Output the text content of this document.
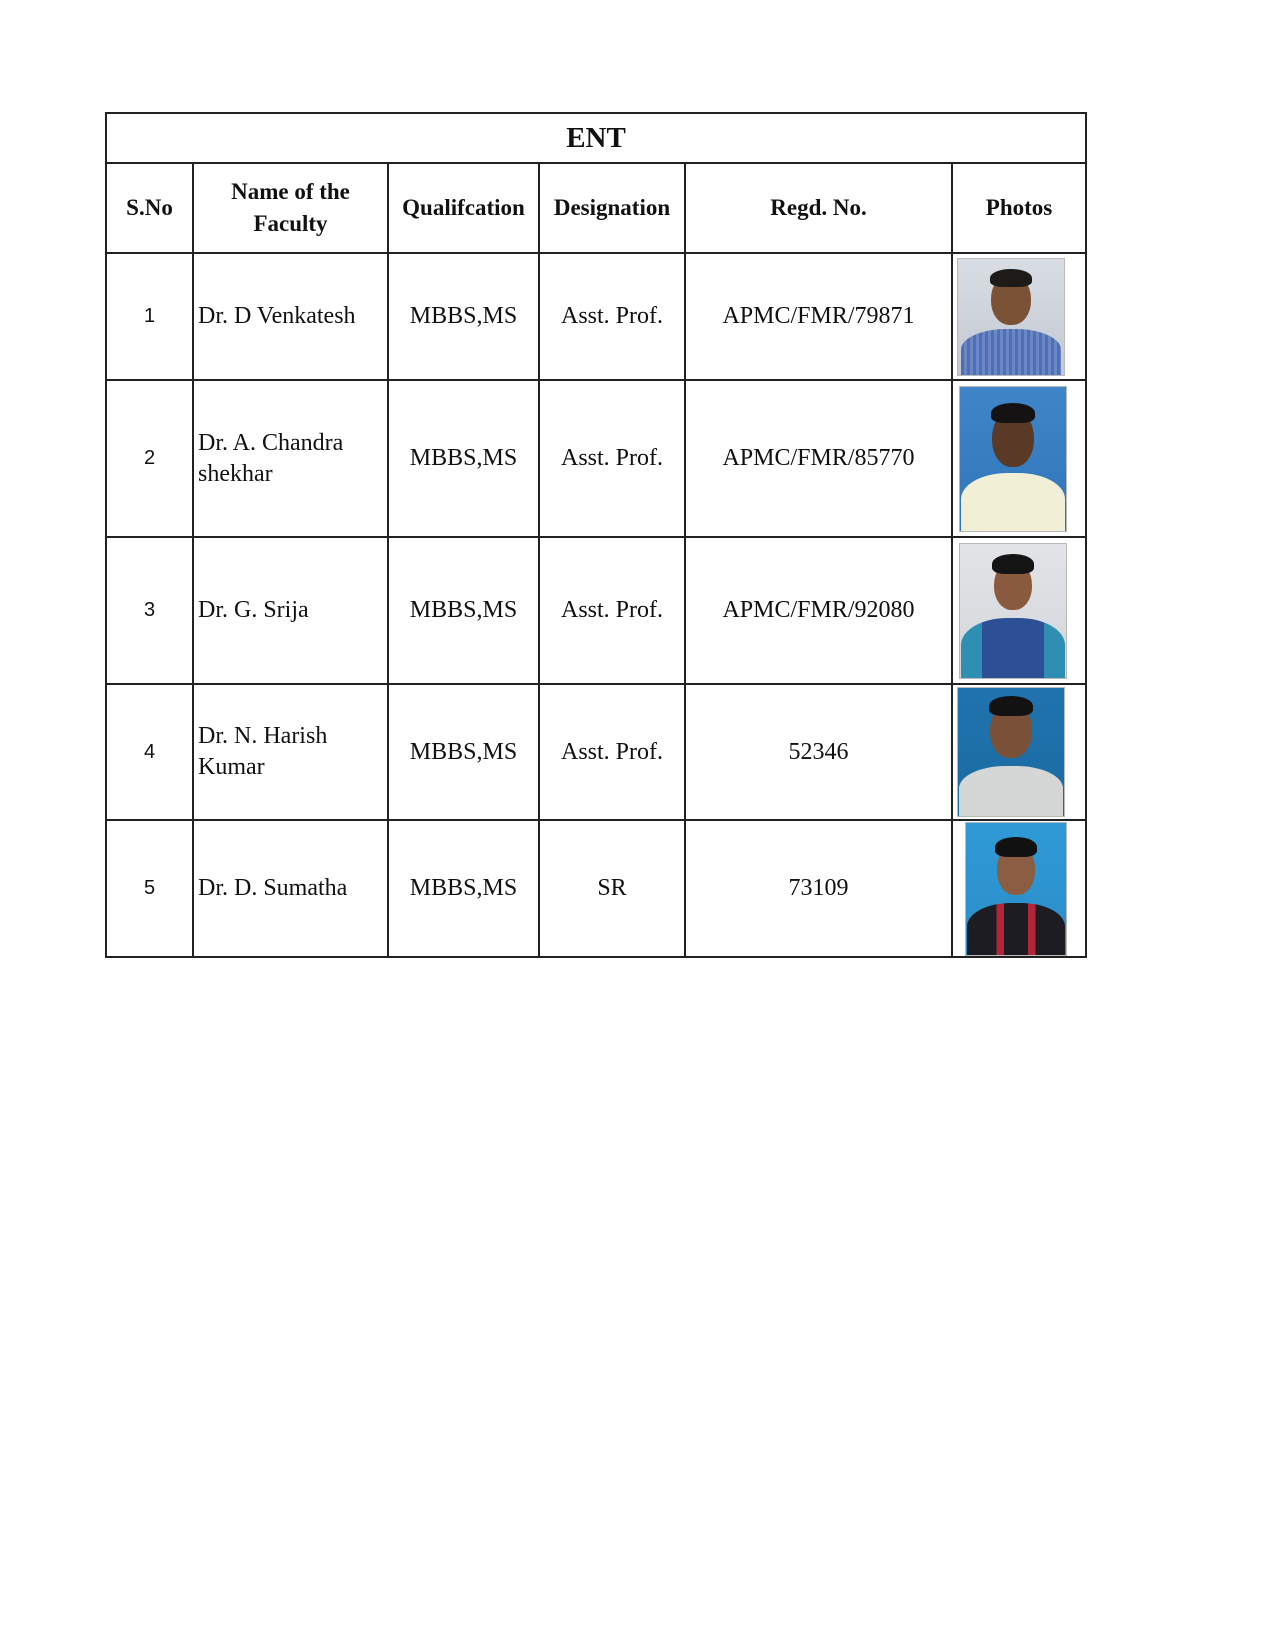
ENT					
S.No	Name of the Faculty	Qualifcation	Designation	Regd. No.	Photos
1	Dr. D Venkatesh	MBBS,MS	Asst. Prof.	APMC/FMR/79871	

2	Dr. A. Chandra shekhar	MBBS,MS	Asst. Prof.	APMC/FMR/85770	

3	Dr. G. Srija	MBBS,MS	Asst. Prof.	APMC/FMR/92080	

4	Dr. N. Harish Kumar	MBBS,MS	Asst. Prof.	52346	

5	Dr. D. Sumatha	MBBS,MS	SR	73109	
